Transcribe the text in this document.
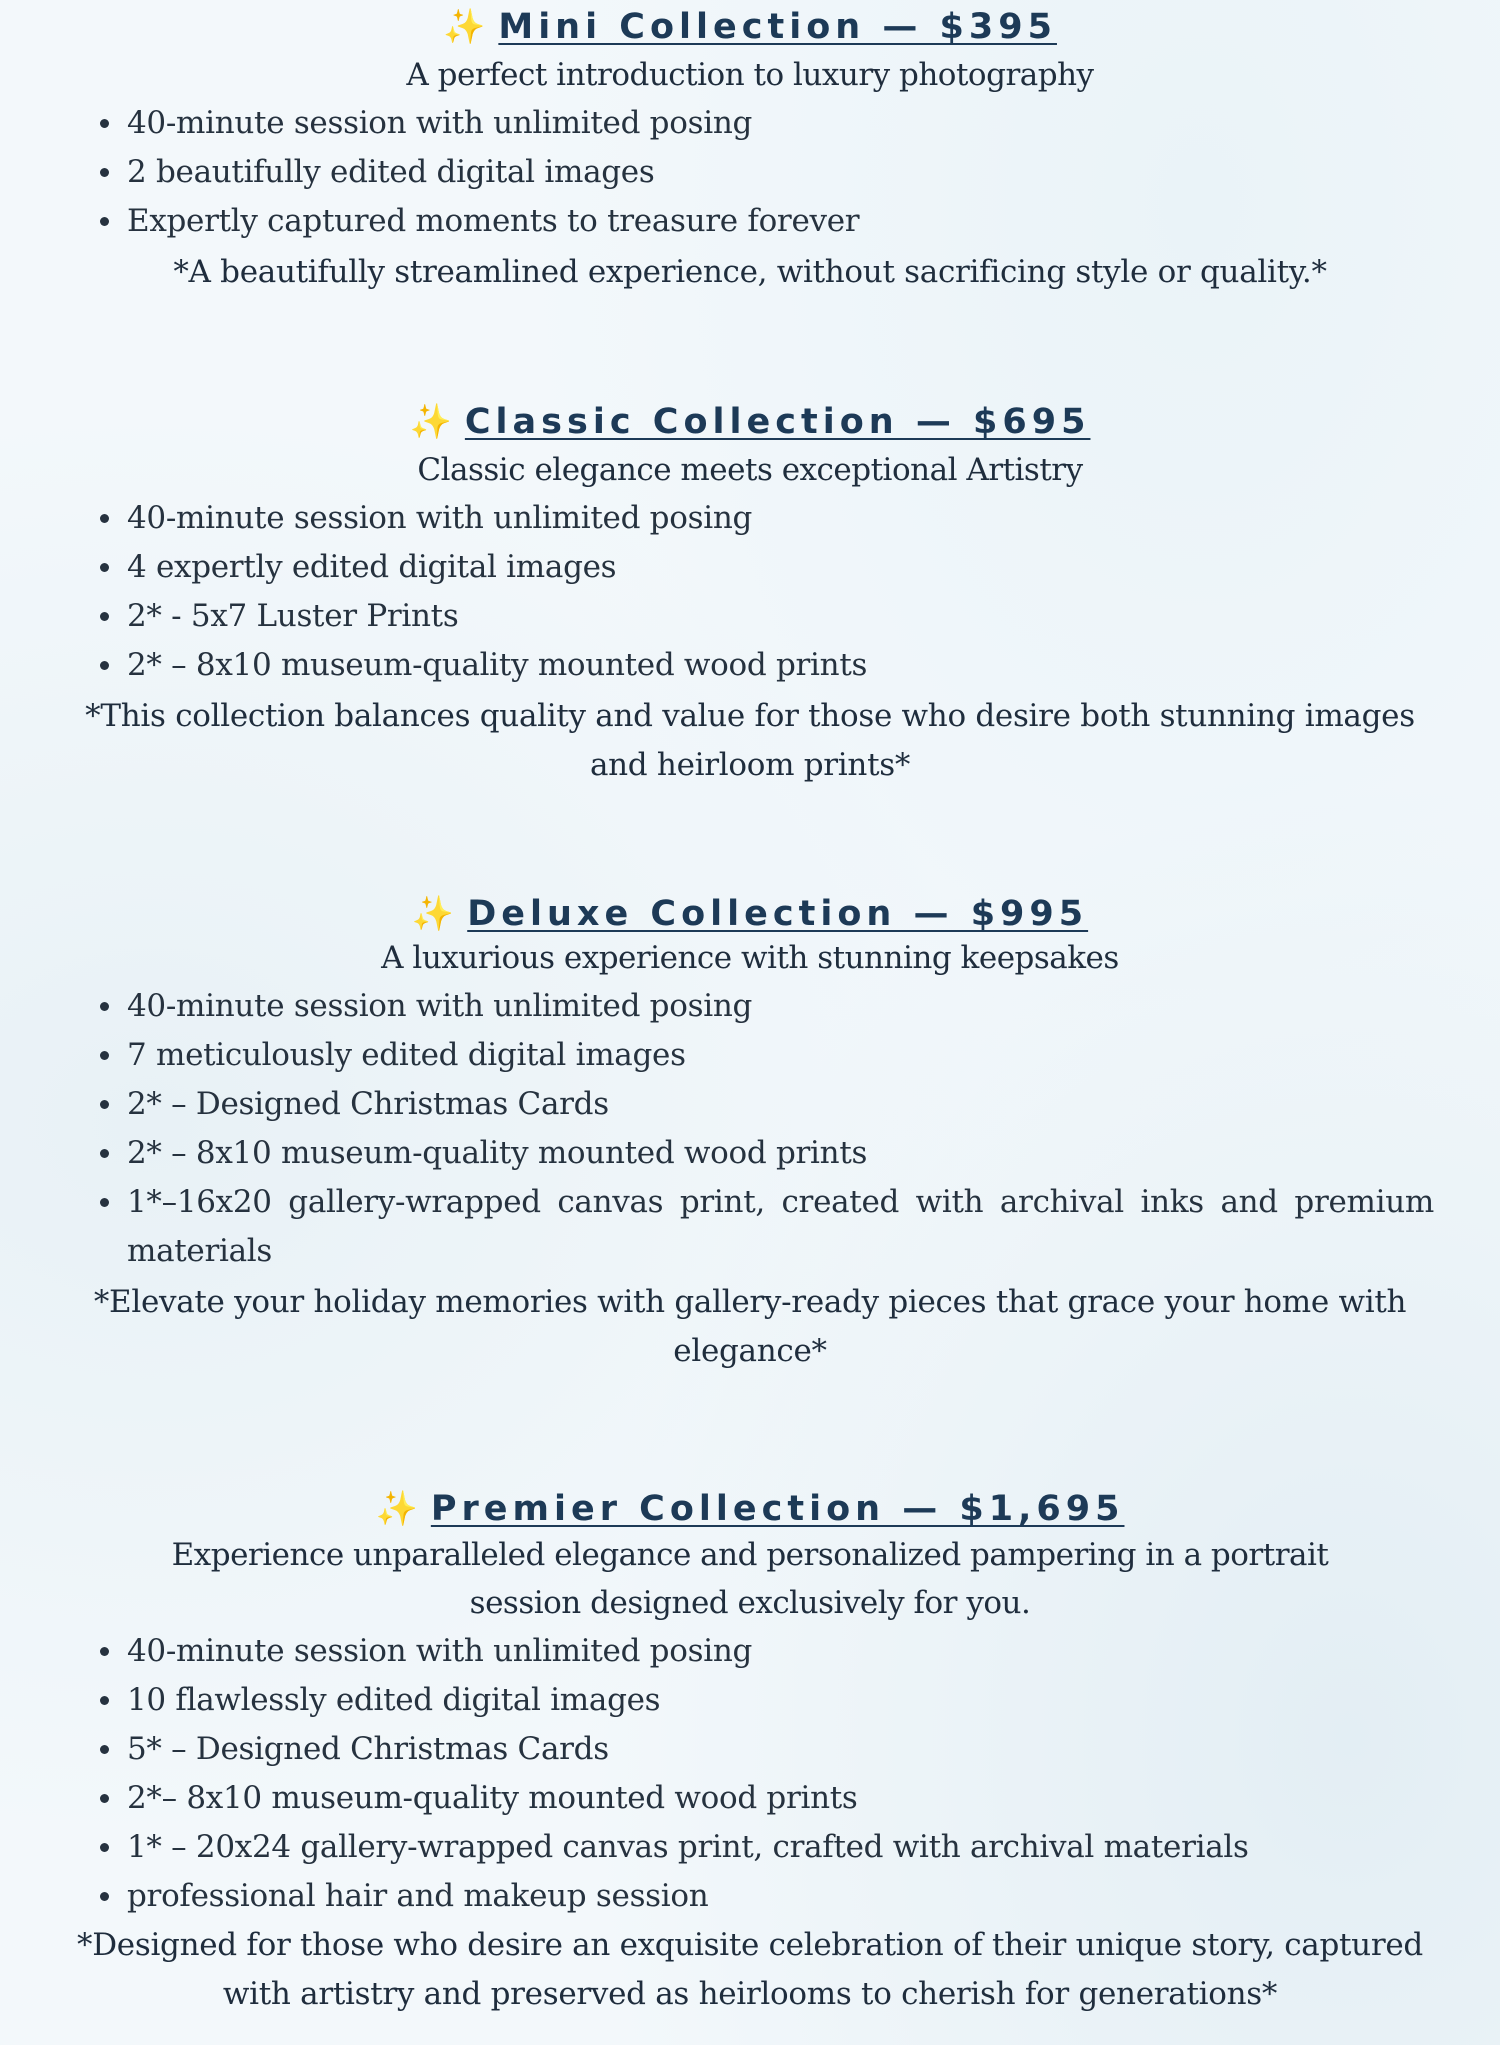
✨ Mini Collection — $395

A perfect introduction to luxury photography

40-minute session with unlimited posing
2 beautifully edited digital images
Expertly captured moments to treasure forever

*A beautifully streamlined experience, without sacrificing style or quality.*

✨ Classic Collection — $695

Classic elegance meets exceptional Artistry

40-minute session with unlimited posing
4 expertly edited digital images
2* - 5x7 Luster Prints
2* – 8x10 museum-quality mounted wood prints

*This collection balances quality and value for those who desire both stunning images and heirloom prints*

✨ Deluxe Collection — $995

A luxurious experience with stunning keepsakes

40-minute session with unlimited posing
7 meticulously edited digital images
2* – Designed Christmas Cards
2* – 8x10 museum-quality mounted wood prints
1*–16x20 gallery-wrapped canvas print, created with archival inks and premium materials

*Elevate your holiday memories with gallery-ready pieces that grace your home with elegance*

✨ Premier Collection — $1,695

Experience unparalleled elegance and personalized pampering in a portrait session designed exclusively for you.

40-minute session with unlimited posing
10 flawlessly edited digital images
5* – Designed Christmas Cards
2*– 8x10 museum-quality mounted wood prints
1* – 20x24 gallery-wrapped canvas print, crafted with archival materials
professional hair and makeup session

*Designed for those who desire an exquisite celebration of their unique story, captured with artistry and preserved as heirlooms to cherish for generations*
